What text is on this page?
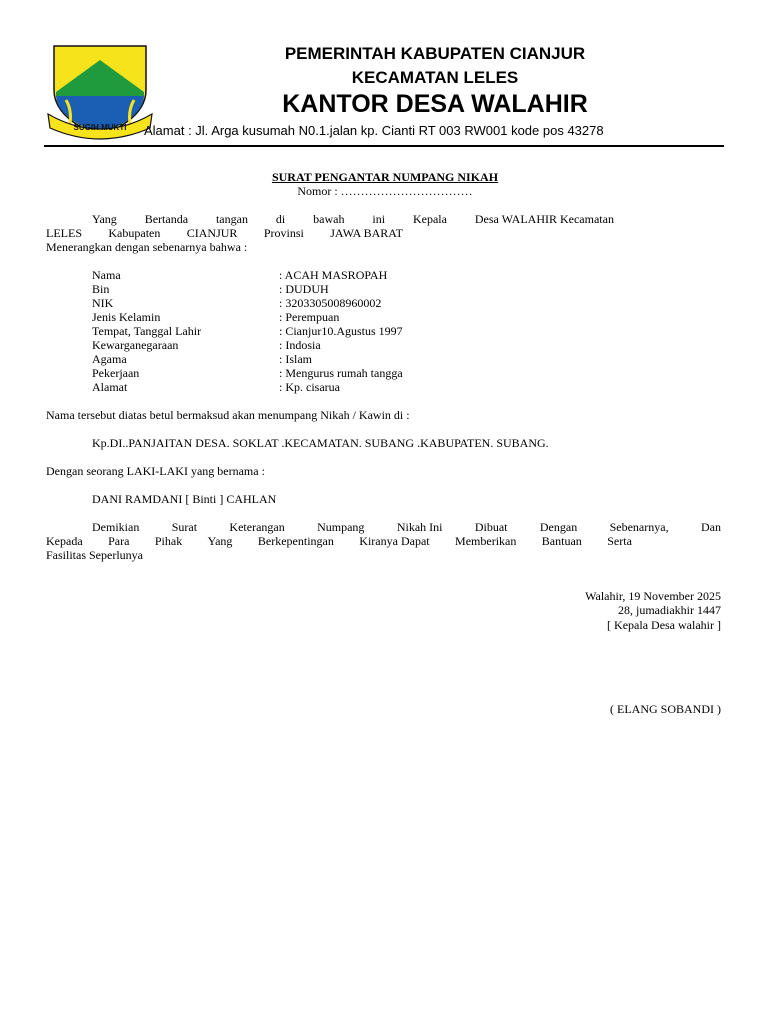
SUGIH MUKTI
PEMERINTAH KABUPATEN CIANJUR
KECAMATAN LELES
KANTOR DESA WALAHIR
Alamat : Jl. Arga kusumah N0.1.jalan kp. Cianti RT 003 RW001 kode pos 43278
SURAT PENGANTAR NUMPANG NIKAH
Nomor : ……………………………
Yang Bertanda tangan di bawah ini Kepala Desa WALAHIR Kecamatan
LELES Kabupaten CIANJUR Provinsi JAWA BARAT
Menerangkan dengan sebenarnya bahwa :
Nama	: ACAH MASROPAH
Bin	: DUDUH
NIK	: 3203305008960002
Jenis Kelamin	: Perempuan
Tempat, Tanggal Lahir	: Cianjur10.Agustus 1997
Kewarganegaraan	: Indosia
Agama	: Islam
Pekerjaan	: Mengurus rumah tangga
Alamat	: Kp. cisarua
Nama tersebut diatas betul bermaksud akan menumpang Nikah / Kawin di :
Kp.DI..PANJAITAN DESA. SOKLAT .KECAMATAN. SUBANG .KABUPATEN. SUBANG.
Dengan seorang LAKI-LAKI yang bernama :
DANI RAMDANI [ Binti ] CAHLAN
Demikian	Surat	Keterangan	Numpang	Nikah Ini	Dibuat	Dengan	Sebenarnya,	Dan
Kepada Para Pihak Yang Berkepentingan Kiranya Dapat Memberikan Bantuan Serta
Fasilitas Seperlunya
Walahir, 19 November 2025
28, jumadiakhir 1447
[ Kepala Desa walahir ]
( ELANG SOBANDI )
